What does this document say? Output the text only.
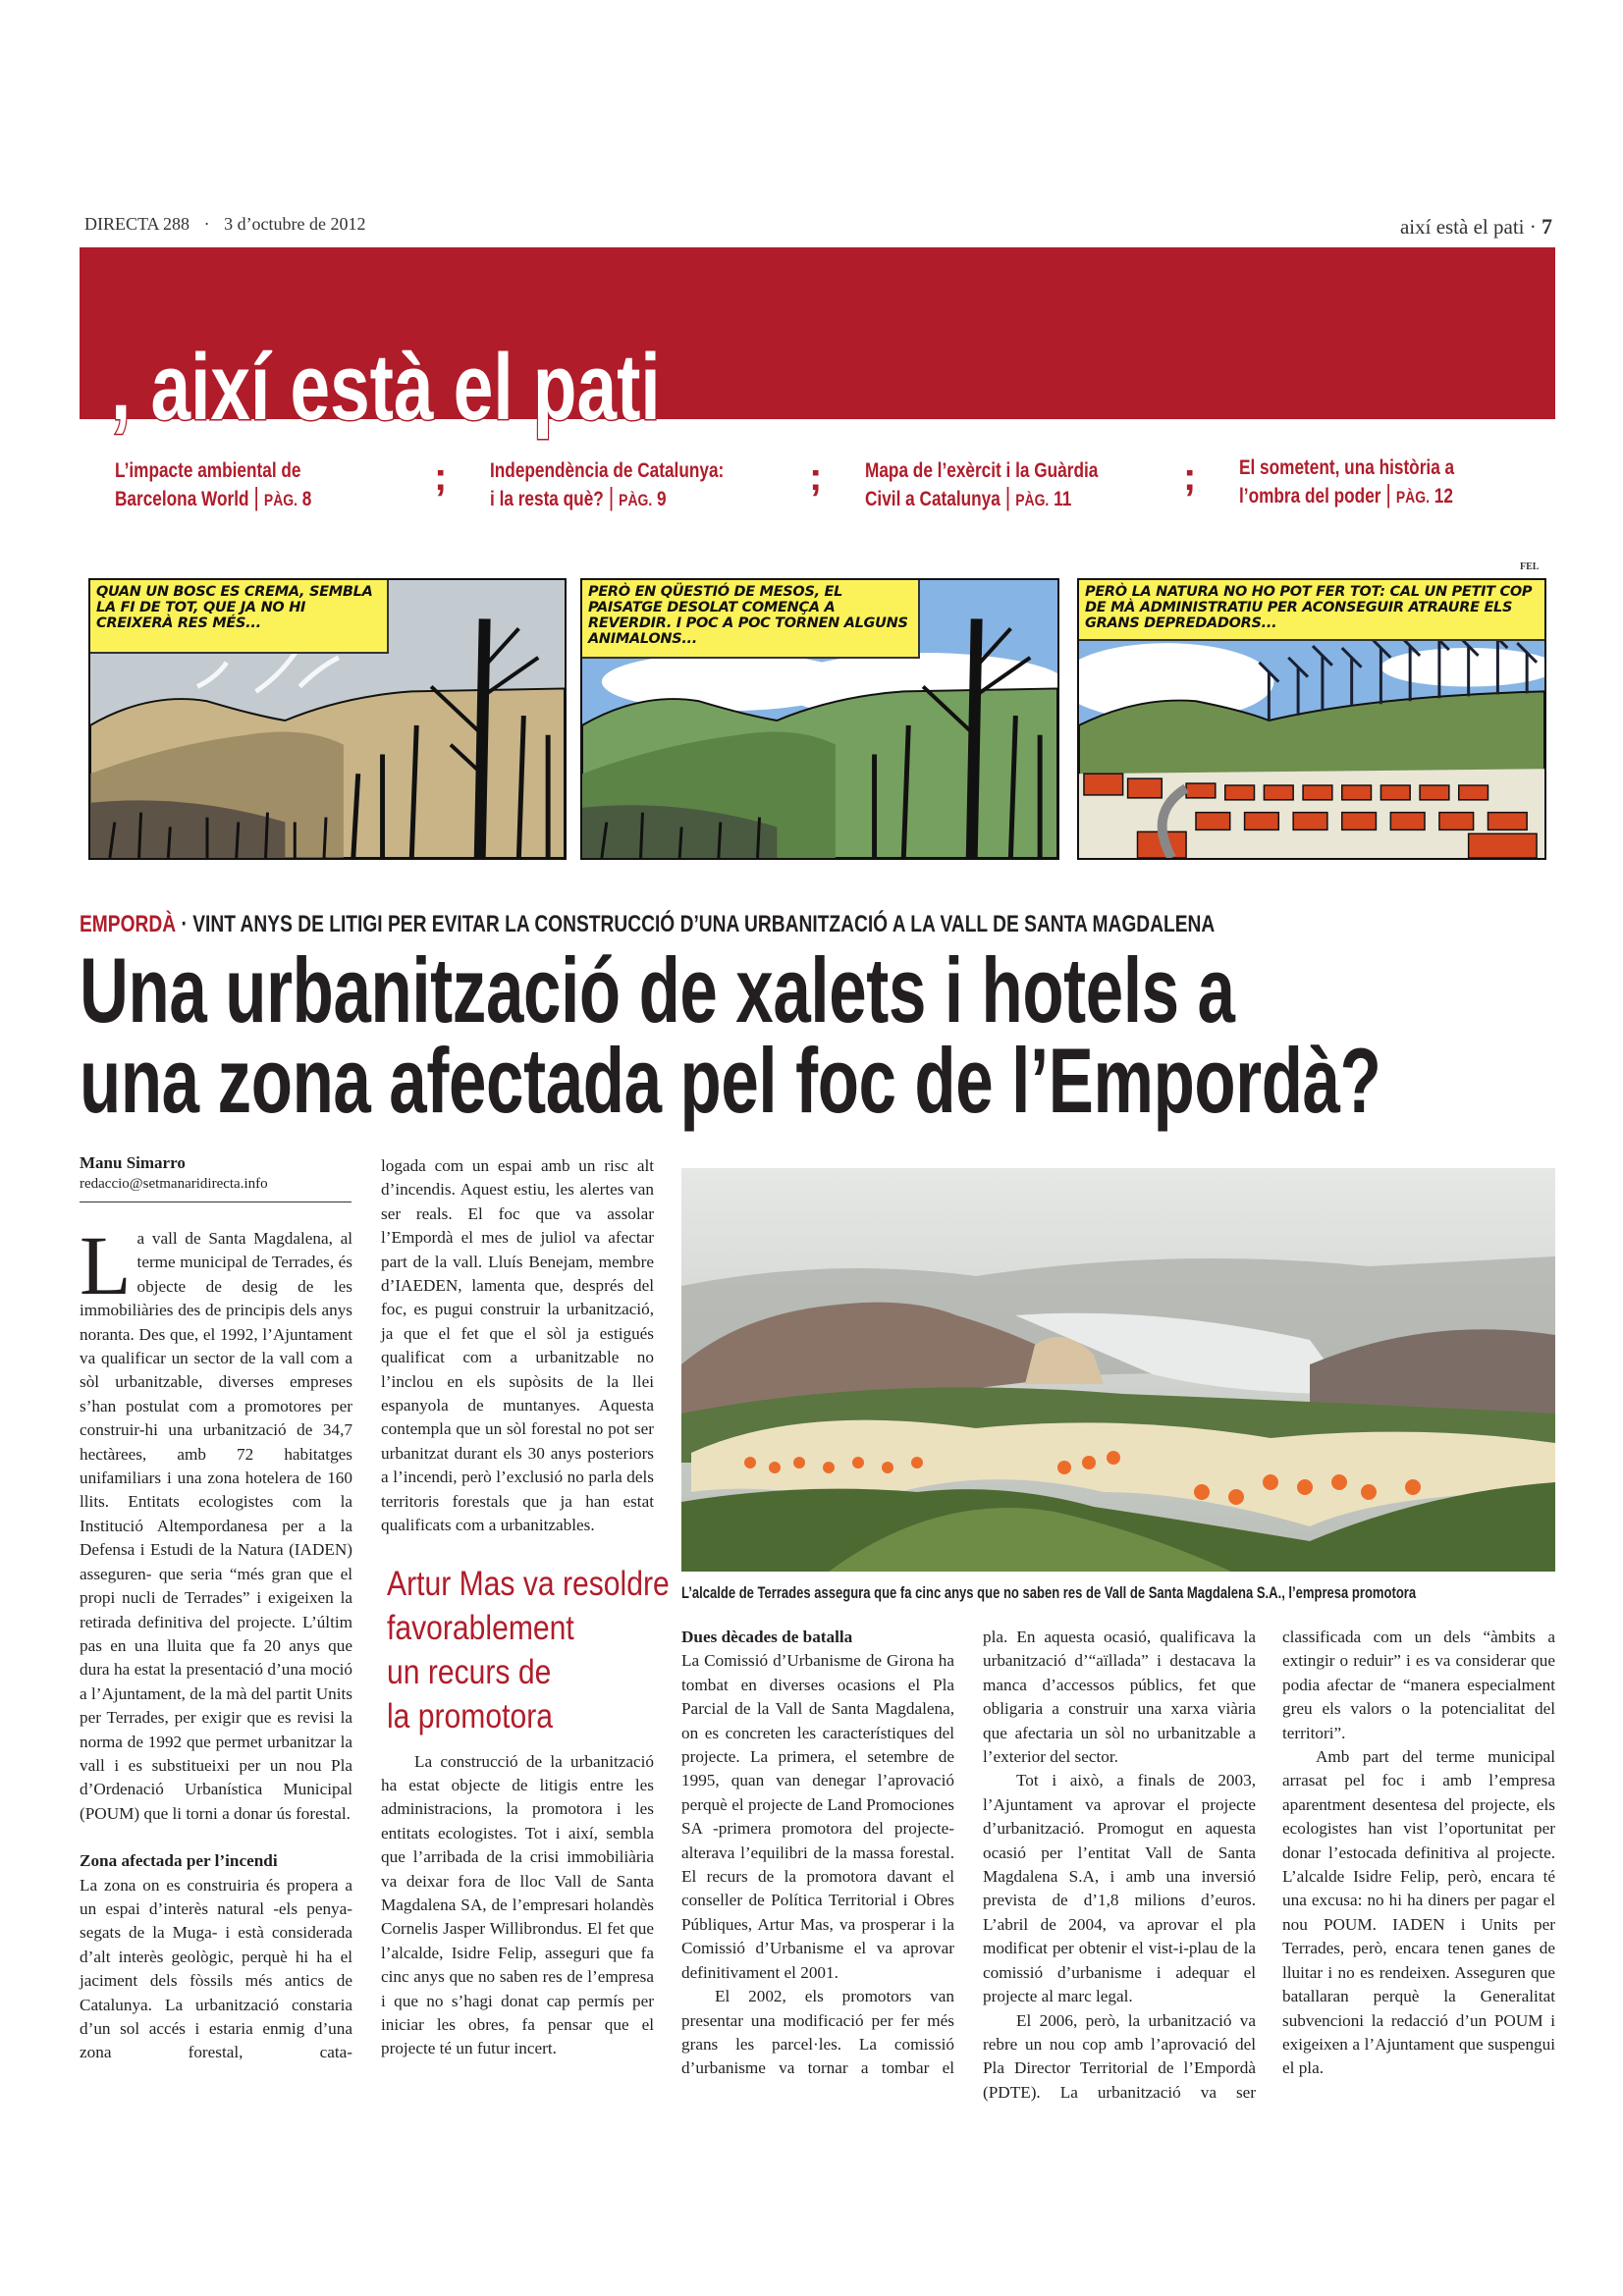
DIRECTA 288 · 3 d’octubre de 2012	així està el pati · 7
, així està el pati
L’impacte ambiental de
Barcelona World | PÀG. 8
; Independència de Catalunya:
i la resta què? | PÀG. 9
; Mapa de l’exèrcit i la Guàrdia
Civil a Catalunya | PÀG. 11
; El sometent, una història a
l’ombra del poder | PÀG. 12
FEL
QUAN UN BOSC ES CREMA, SEMBLA LA FI DE TOT, QUE JA NO HI CREIXERÀ RES MÉS...
PERÒ EN QÜESTIÓ DE MESOS, EL PAISATGE DESOLAT COMENÇA A REVERDIR. I POC A POC TORNEN ALGUNS ANIMALONS...
PERÒ LA NATURA NO HO POT FER TOT: CAL UN PETIT COP DE MÀ ADMINISTRATIU PER ACONSEGUIR ATRAURE ELS GRANS DEPREDADORS...
EMPORDÀ · VINT ANYS DE LITIGI PER EVITAR LA CONSTRUCCIÓ D’UNA URBANITZACIÓ A LA VALL DE SANTA MAGDALENA
Una urbanització de xalets i hotels a
una zona afectada pel foc de l’Empordà?
Manu Simarro
redaccio@setmanaridirecta.info

La vall de Santa Magdalena, al terme municipal de Terrades, és objecte de desig de les immobiliàries des de principis dels anys noranta. Des que, el 1992, l’Ajuntament va qualificar un sector de la vall com a sòl urbanitzable, diverses empreses s’han postulat com a promotores per construir-hi una urbanització de 34,7 hectàrees, amb 72 habitatges unifamiliars i una zona hotelera de 160 llits. Entitats ecologistes com la Institució Altempordanesa per a la Defensa i Estudi de la Natura (IADEN) asseguren- que seria “més gran que el propi nucli de Terrades” i exigeixen la retirada definitiva del projecte. L’últim pas en una lluita que fa 20 anys que dura ha estat la presentació d’una moció a l’Ajuntament, de la mà del partit Units per Terrades, per exigir que es revisi la norma de 1992 que permet urbanitzar la vall i es substitueixi per un nou Pla d’Ordenació Urbanística Municipal (POUM) que li torni a donar ús forestal.

Zona afectada per l’incendi

La zona on es construiria és propera a un espai d’interès natural -els penya-segats de la Muga- i està considerada d’alt interès geològic, perquè hi ha el jaciment dels fòssils més antics de Catalunya. La urbanització constaria d’un sol accés i estaria enmig d’una zona forestal, cata-

logada com un espai amb un risc alt d’incendis. Aquest estiu, les alertes van ser reals. El foc que va assolar l’Empordà el mes de juliol va afectar part de la vall. Lluís Benejam, membre d’IAEDEN, lamenta que, després del foc, es pugui construir la urbanització, ja que el fet que el sòl ja estigués qualificat com a urbanitzable no l’inclou en els supòsits de la llei espanyola de muntanyes. Aquesta contempla que un sòl forestal no pot ser urbanitzat durant els 30 anys posteriors a l’incendi, però l’exclusió no parla dels territoris forestals que ja han estat qualificats com a urbanitzables.

Artur Mas va resoldre
favorablement
un recurs de
la promotora

La construcció de la urbanització ha estat objecte de litigis entre les administracions, la promotora i les entitats ecologistes. Tot i així, sembla que l’arribada de la crisi immobiliària va deixar fora de lloc Vall de Santa Magdalena SA, de l’empresari holandès Cornelis Jasper Willibrondus. El fet que l’alcalde, Isidre Felip, asseguri que fa cinc anys que no saben res de l’empresa i que no s’hagi donat cap permís per iniciar les obres, fa pensar que el projecte té un futur incert.

L’alcalde de Terrades assegura que fa cinc anys que no saben res de Vall de Santa Magdalena S.A., l’empresa promotora
Dues dècades de batalla

La Comissió d’Urbanisme de Girona ha tombat en diverses ocasions el Pla Parcial de la Vall de Santa Magdalena, on es concreten les característiques del projecte. La primera, el setembre de 1995, quan van denegar l’aprovació perquè el projecte de Land Promociones SA -primera promotora del projecte- alterava l’equilibri de la massa forestal. El recurs de la promotora davant el conseller de Política Territorial i Obres Públiques, Artur Mas, va prosperar i la Comissió d’Urbanisme el va aprovar definitivament el 2001.

El 2002, els promotors van presentar una modificació per fer més grans les parcel·les. La comissió d’urbanisme va tornar a tombar el

pla. En aquesta ocasió, qualificava la urbanització d’“aïllada” i destacava la manca d’accessos públics, fet que obligaria a construir una xarxa viària que afectaria un sòl no urbanitzable a l’exterior del sector.

Tot i això, a finals de 2003, l’Ajuntament va aprovar el projecte d’urbanització. Promogut en aquesta ocasió per l’entitat Vall de Santa Magdalena S.A, i amb una inversió prevista de d’1,8 milions d’euros. L’abril de 2004, va aprovar el pla modificat per obtenir el vist-i-plau de la comissió d’urbanisme i adequar el projecte al marc legal.

El 2006, però, la urbanització va rebre un nou cop amb l’aprovació del Pla Director Territorial de l’Empordà (PDTE). La urbanització va ser

classificada com un dels “àmbits a extingir o reduir” i es va considerar que podia afectar de “manera especialment greu els valors o la potencialitat del territori”.

Amb part del terme municipal arrasat pel foc i amb l’empresa aparentment desentesa del projecte, els ecologistes han vist l’oportunitat per donar l’estocada definitiva al projecte. L’alcalde Isidre Felip, però, encara té una excusa: no hi ha diners per pagar el nou POUM. IADEN i Units per Terrades, però, encara tenen ganes de lluitar i no es rendeixen. Asseguren que batallaran perquè la Generalitat subvencioni la redacció d’un POUM i exigeixen a l’Ajuntament que suspengui el pla.
